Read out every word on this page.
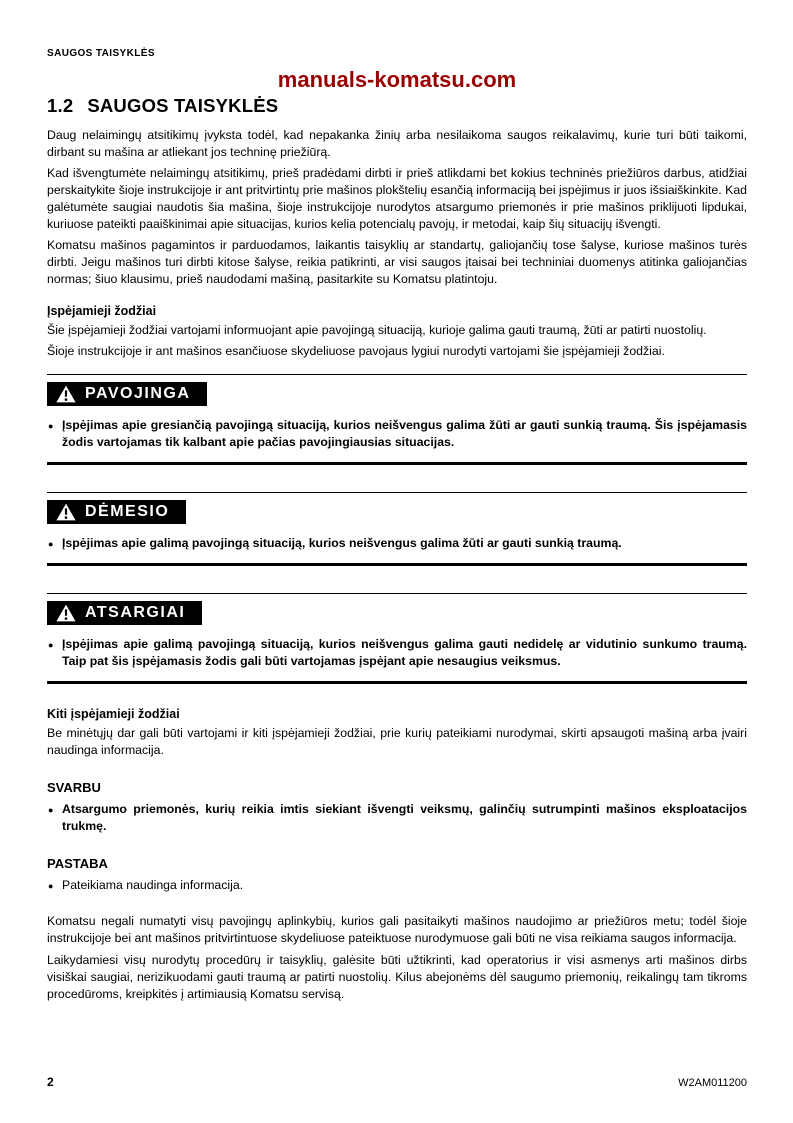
SAUGOS TAISYKLĖS
manuals-komatsu.com
1.2 SAUGOS TAISYKLĖS

Daug nelaimingų atsitikimų įvyksta todėl, kad nepakanka žinių arba nesilaikoma saugos reikalavimų, kurie turi būti taikomi, dirbant su mašina ar atliekant jos techninę priežiūrą.

Kad išvengtumėte nelaimingų atsitikimų, prieš pradėdami dirbti ir prieš atlikdami bet kokius techninės priežiūros darbus, atidžiai perskaitykite šioje instrukcijoje ir ant pritvirtintų prie mašinos plokštelių esančią informaciją bei įspėjimus ir juos išsiaiškinkite. Kad galėtumėte saugiai naudotis šia mašina, šioje instrukcijoje nurodytos atsargumo priemonės ir prie mašinos priklijuoti lipdukai, kuriuose pateikti paaiškinimai apie situacijas, kurios kelia potencialų pavojų, ir metodai, kaip šių situacijų išvengti.

Komatsu mašinos pagamintos ir parduodamos, laikantis taisyklių ar standartų, galiojančių tose šalyse, kuriose mašinos turės dirbti. Jeigu mašinos turi dirbti kitose šalyse, reikia patikrinti, ar visi saugos įtaisai bei techniniai duomenys atitinka galiojančias normas; šiuo klausimu, prieš naudodami mašiną, pasitarkite su Komatsu platintoju.

Įspėjamieji žodžiai

Šie įspėjamieji žodžiai vartojami informuojant apie pavojingą situaciją, kurioje galima gauti traumą, žūti ar patirti nuostolių.

Šioje instrukcijoje ir ant mašinos esančiuose skydeliuose pavojaus lygiui nurodyti vartojami šie įspėjamieji žodžiai.

PAVOJINGA

● Įspėjimas apie gresiančią pavojingą situaciją, kurios neišvengus galima žūti ar gauti sunkią traumą. Šis įspėjamasis žodis vartojamas tik kalbant apie pačias pavojingiausias situacijas.

DĖMESIO

● Įspėjimas apie galimą pavojingą situaciją, kurios neišvengus galima žūti ar gauti sunkią traumą.

ATSARGIAI

● Įspėjimas apie galimą pavojingą situaciją, kurios neišvengus galima gauti nedidelę ar vidutinio sunkumo traumą. Taip pat šis įspėjamasis žodis gali būti vartojamas įspėjant apie nesaugius veiksmus.

Kiti įspėjamieji žodžiai

Be minėtųjų dar gali būti vartojami ir kiti įspėjamieji žodžiai, prie kurių pateikiami nurodymai, skirti apsaugoti mašiną arba įvairi naudinga informacija.

SVARBU

● Atsargumo priemonės, kurių reikia imtis siekiant išvengti veiksmų, galinčių sutrumpinti mašinos eksploatacijos trukmę.

PASTABA

● Pateikiama naudinga informacija.

Komatsu negali numatyti visų pavojingų aplinkybių, kurios gali pasitaikyti mašinos naudojimo ar priežiūros metu; todėl šioje instrukcijoje bei ant mašinos pritvirtintuose skydeliuose pateiktuose nurodymuose gali būti ne visa reikiama saugos informacija.

Laikydamiesi visų nurodytų procedūrų ir taisyklių, galėsite būti užtikrinti, kad operatorius ir visi asmenys arti mašinos dirbs visiškai saugiai, nerizikuodami gauti traumą ar patirti nuostolių. Kilus abejonėms dėl saugumo priemonių, reikalingų tam tikroms procedūroms, kreipkitės į artimiausią Komatsu servisą.

2	W2AM011200
